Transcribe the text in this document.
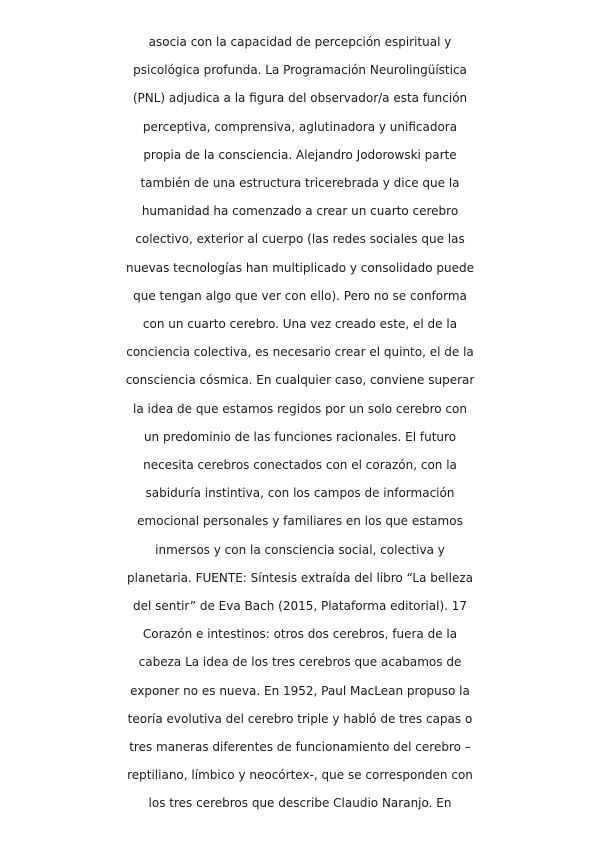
asocia con la capacidad de percepción espiritual y
psicológica profunda. La Programación Neurolingüística
(PNL) adjudica a la figura del observador/a esta función
perceptiva, comprensiva, aglutinadora y unificadora
propia de la consciencia. Alejandro Jodorowski parte
también de una estructura tricerebrada y dice que la
humanidad ha comenzado a crear un cuarto cerebro
colectivo, exterior al cuerpo (las redes sociales que las
nuevas tecnologías han multiplicado y consolidado puede
que tengan algo que ver con ello). Pero no se conforma
con un cuarto cerebro. Una vez creado este, el de la
conciencia colectiva, es necesario crear el quinto, el de la
consciencia cósmica. En cualquier caso, conviene superar
la idea de que estamos regidos por un solo cerebro con
un predominio de las funciones racionales. El futuro
necesita cerebros conectados con el corazón, con la
sabiduría instintiva, con los campos de información
emocional personales y familiares en los que estamos
inmersos y con la consciencia social, colectiva y
planetaria. FUENTE: Síntesis extraída del libro “La belleza
del sentir” de Eva Bach (2015, Plataforma editorial). 17
Corazón e intestinos: otros dos cerebros, fuera de la
cabeza La idea de los tres cerebros que acabamos de
exponer no es nueva. En 1952, Paul MacLean propuso la
teoría evolutiva del cerebro triple y habló de tres capas o
tres maneras diferentes de funcionamiento del cerebro –
reptiliano, límbico y neocórtex-, que se corresponden con
los tres cerebros que describe Claudio Naranjo. En
